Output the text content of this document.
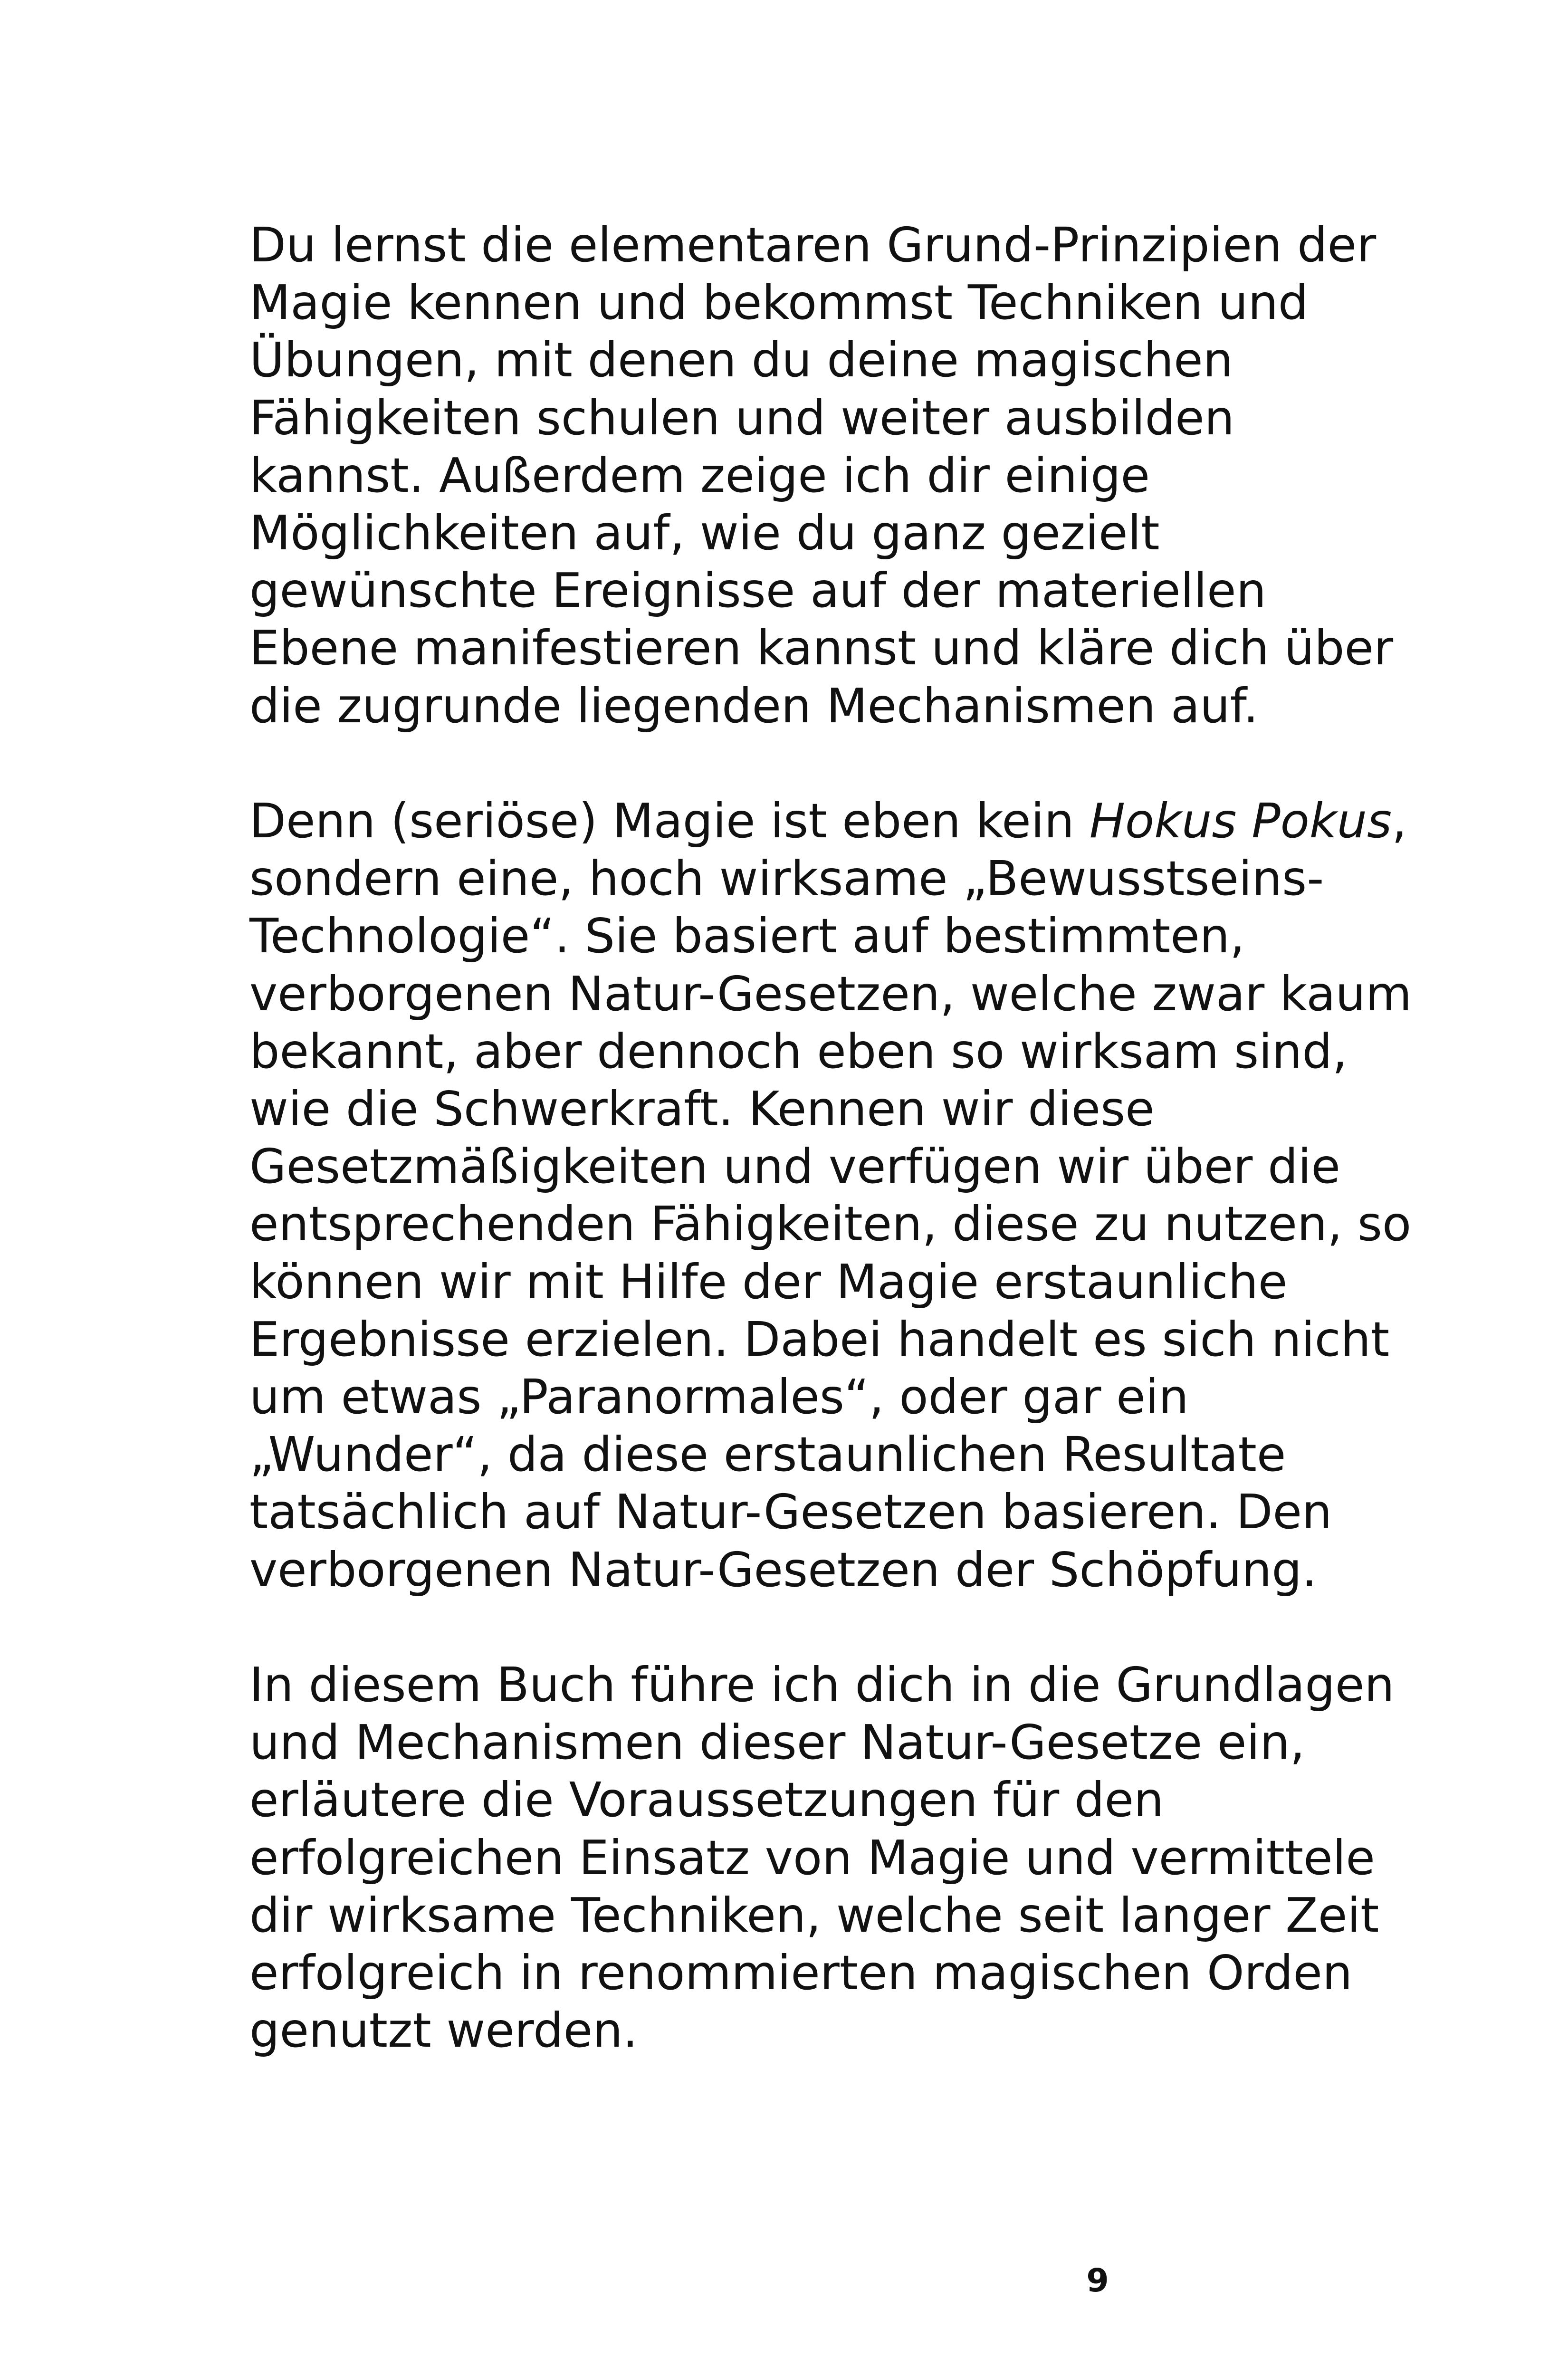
Du lernst die elementaren Grund-Prinzipien der
Magie kennen und bekommst Techniken und
Übungen, mit denen du deine magischen
Fähigkeiten schulen und weiter ausbilden
kannst. Außerdem zeige ich dir einige
Möglichkeiten auf, wie du ganz gezielt
gewünschte Ereignisse auf der materiellen
Ebene manifestieren kannst und kläre dich über
die zugrunde liegenden Mechanismen auf.
Denn (seriöse) Magie ist eben kein Hokus Pokus,
sondern eine, hoch wirksame „Bewusstseins-
Technologie“. Sie basiert auf bestimmten,
verborgenen Natur-Gesetzen, welche zwar kaum
bekannt, aber dennoch eben so wirksam sind,
wie die Schwerkraft. Kennen wir diese
Gesetzmäßigkeiten und verfügen wir über die
entsprechenden Fähigkeiten, diese zu nutzen, so
können wir mit Hilfe der Magie erstaunliche
Ergebnisse erzielen. Dabei handelt es sich nicht
um etwas „Paranormales“, oder gar ein
„Wunder“, da diese erstaunlichen Resultate
tatsächlich auf Natur-Gesetzen basieren. Den
verborgenen Natur-Gesetzen der Schöpfung.
In diesem Buch führe ich dich in die Grundlagen
und Mechanismen dieser Natur-Gesetze ein,
erläutere die Voraussetzungen für den
erfolgreichen Einsatz von Magie und vermittele
dir wirksame Techniken, welche seit langer Zeit
erfolgreich in renommierten magischen Orden
genutzt werden.
9
